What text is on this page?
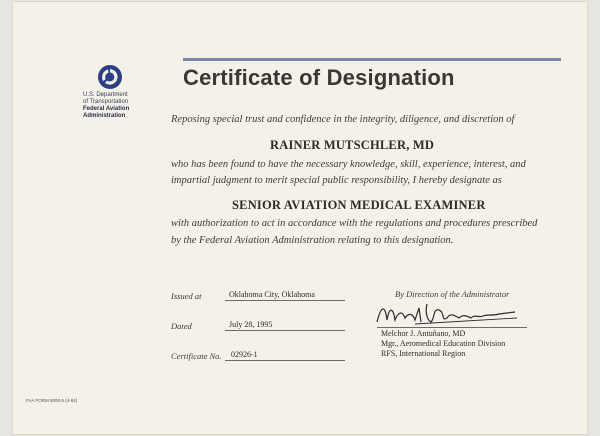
U.S. Department
of Transportation
Federal Aviation
Administration
Certificate of Designation
Reposing special trust and confidence in the integrity, diligence, and discretion of
RAINER MUTSCHLER, MD
who has been found to have the necessary knowledge, skill, experience, interest, and
impartial judgment to merit special public responsibility, I hereby designate as
SENIOR AVIATION MEDICAL EXAMINER
with authorization to act in accordance with the regulations and procedures prescribed
by the Federal Aviation Administration relating to this designation.
Issued at	Oklahoma City, Oklahoma
Dated	July 28, 1995
Certificate No. 02926-1
By Direction of the Administrator
Melchor J. Antuñano, MD
Mgr., Aeromedical Education Division
RFS, International Region
FAA FORM 8000-5 (4-84)
